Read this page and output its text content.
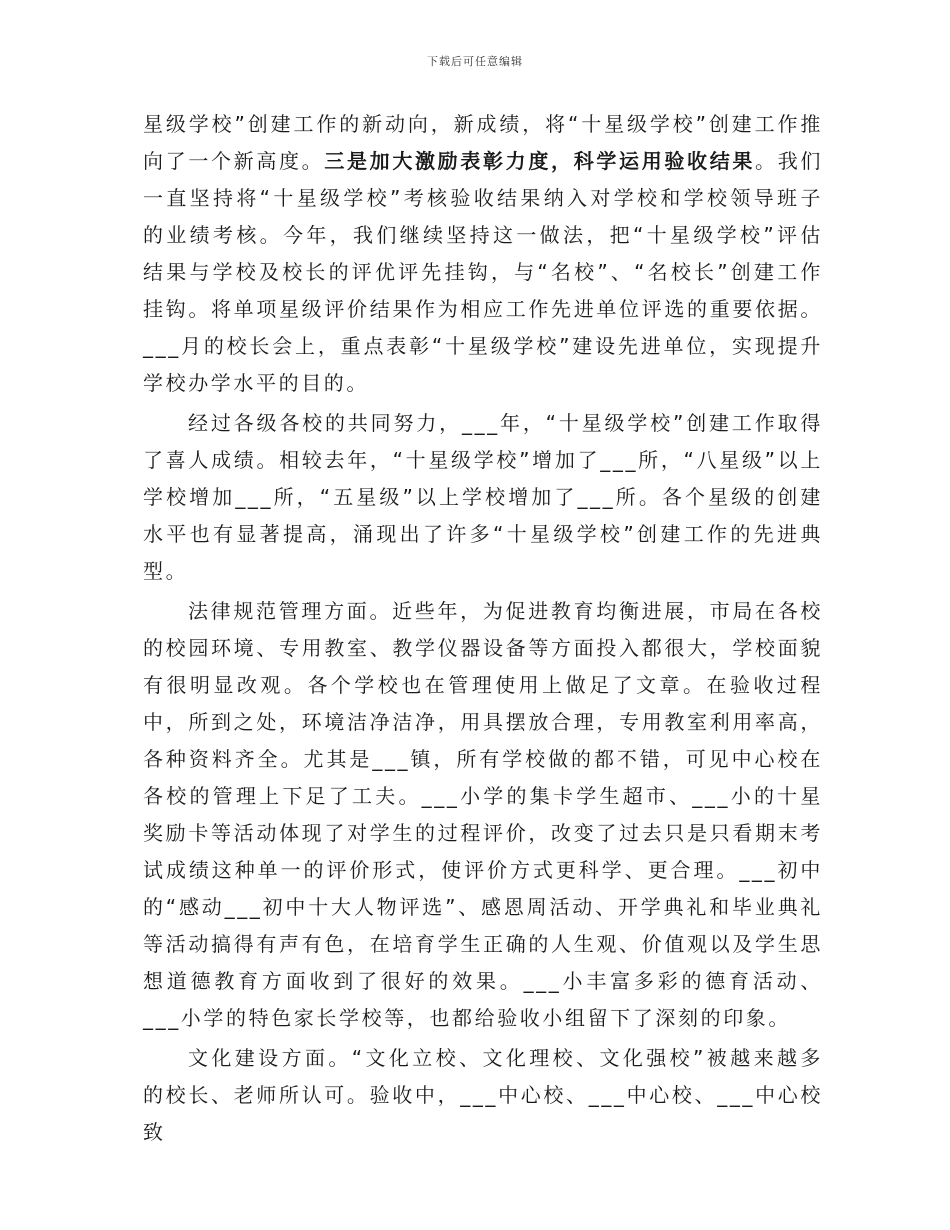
下载后可任意编辑

星级学校”创建工作的新动向，新成绩，将“十星级学校”创建工作推向了一个新高度。三是加大激励表彰力度，科学运用验收结果。我们一直坚持将“十星级学校”考核验收结果纳入对学校和学校领导班子的业绩考核。今年，我们继续坚持这一做法，把“十星级学校”评估结果与学校及校长的评优评先挂钩，与“名校”、“名校长”创建工作挂钩。将单项星级评价结果作为相应工作先进单位评选的重要依据。___月的校长会上，重点表彰“十星级学校”建设先进单位，实现提升学校办学水平的目的。

经过各级各校的共同努力，___年，“十星级学校”创建工作取得了喜人成绩。相较去年，“十星级学校”增加了___所，“八星级”以上学校增加___所，“五星级”以上学校增加了___所。各个星级的创建水平也有显著提高，涌现出了许多“十星级学校”创建工作的先进典型。

法律规范管理方面。近些年，为促进教育均衡进展，市局在各校的校园环境、专用教室、教学仪器设备等方面投入都很大，学校面貌有很明显改观。各个学校也在管理使用上做足了文章。在验收过程中，所到之处，环境洁净洁净，用具摆放合理，专用教室利用率高，各种资料齐全。尤其是___镇，所有学校做的都不错，可见中心校在各校的管理上下足了工夫。___小学的集卡学生超市、___小的十星奖励卡等活动体现了对学生的过程评价，改变了过去只是只看期末考试成绩这种单一的评价形式，使评价方式更科学、更合理。___初中的“感动___初中十大人物评选”、感恩周活动、开学典礼和毕业典礼等活动搞得有声有色，在培育学生正确的人生观、价值观以及学生思想道德教育方面收到了很好的效果。___小丰富多彩的德育活动、___小学的特色家长学校等，也都给验收小组留下了深刻的印象。

文化建设方面。“文化立校、文化理校、文化强校”被越来越多的校长、老师所认可。验收中，___中心校、___中心校、___中心校致
